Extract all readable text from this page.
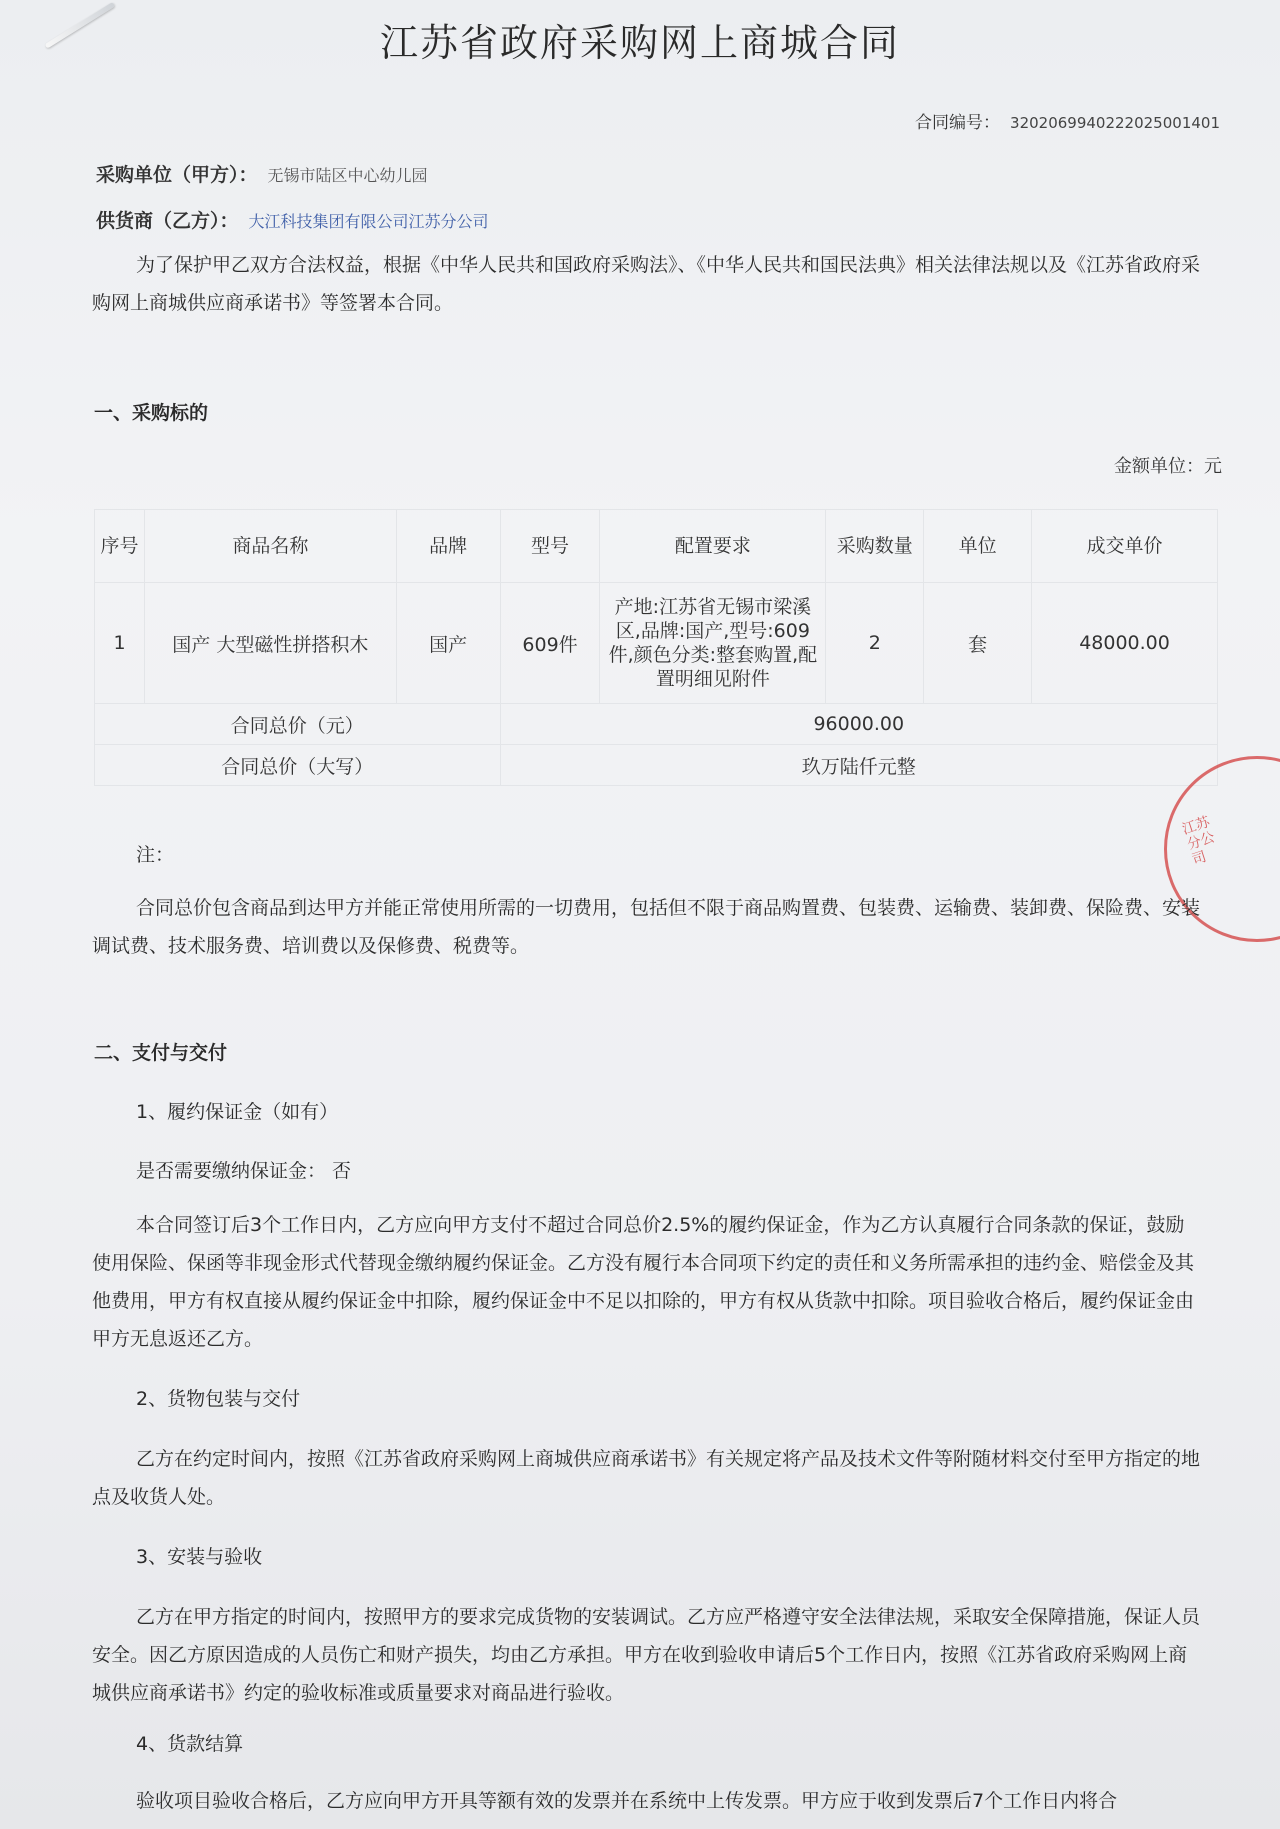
江苏省政府采购网上商城合同
合同编号： 320206994022202500140​1
采购单位（甲方）： 无锡市陆区中心幼儿园
供货商（乙方）： 大江科技集团有限公司江苏分公司
为了保护甲乙双方合法权益，根据《中华人民共和国政府采购法》、《中华人民共和国民法典》相关法律法规以及《江苏省政府采购网上商城供应商承诺书》等签署本合同。
一、采购标的
金额单位：元
序号	商品名称	品牌	型号	配置要求	采购数量	单位	成交单价
1	国产 大型磁性拼搭积木	国产	609件	产地:江苏省无锡市梁溪区,品牌:国产,型号:609件,颜色分类:整套购置,配置明细见附件	2	套	48000.00
合同总价（元）			96000.00				
合同总价（大写）			玖万陆仟元整				
江苏分公司
注：
合同总价包含商品到达甲方并能正常使用所需的一切费用，包括但不限于商品购置费、包装费、运输费、装卸费、保险费、安装调试费、技术服务费、培训费以及保修费、税费等。
二、支付与交付
1、履约保证金（如有）
是否需要缴纳保证金： 否
本合同签订后3个工作日内，乙方应向甲方支付不超过合同总价2.5%的履约保证金，作为乙方认真履行合同条款的保证，鼓励使用保险、保函等非现金形式代替现金缴纳履约保证金。乙方没有履行本合同项下约定的责任和义务所需承担的违约金、赔偿金及其他费用，甲方有权直接从履约保证金中扣除，履约保证金中不足以扣除的，甲方有权从货款中扣除。项目验收合格后，履约保证金由甲方无息返还乙方。
2、货物包装与交付
乙方在约定时间内，按照《江苏省政府采购网上商城供应商承诺书》有关规定将产品及技术文件等附随材料交付至甲方指定的地点及收货人处。
3、安装与验收
乙方在甲方指定的时间内，按照甲方的要求完成货物的安装调试。乙方应严格遵守安全法律法规，采取安全保障措施，保证人员安全。因乙方原因造成的人员伤亡和财产损失，均由乙方承担。甲方在收到验收申请后5个工作日内，按照《江苏省政府采购网上商城供应商承诺书》约定的验收标准或质量要求对商品进行验收。
4、货款结算
验收项目验收合格后，乙方应向甲方开具等额有效的发票并在系统中上传发票。甲方应于收到发票后7个工作日内将合
